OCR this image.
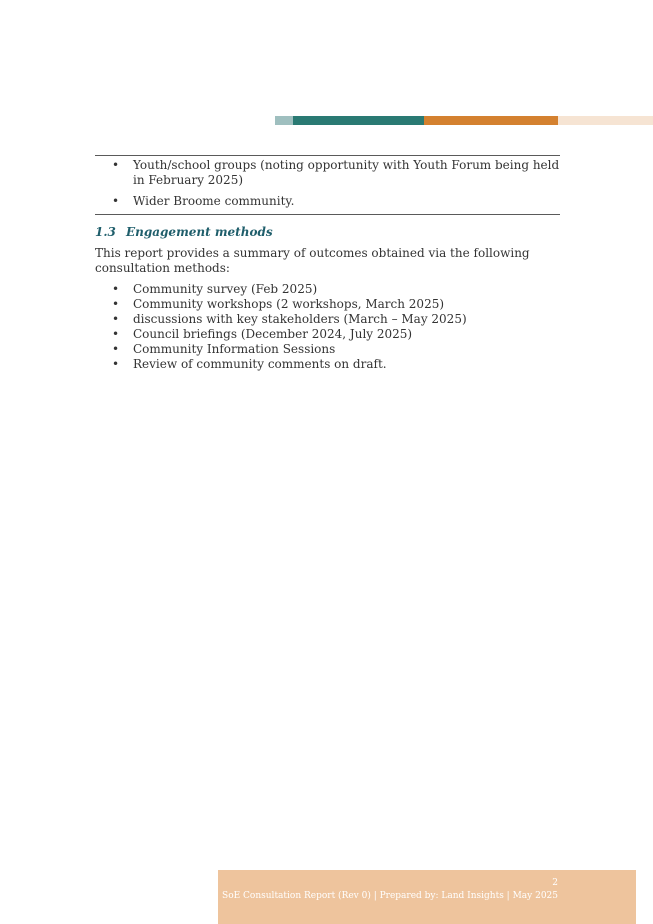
• Youth/school groups (noting opportunity with Youth Forum being held in February 2025)
• Wider Broome community.
1.3 Engagement methods

This report provides a summary of outcomes obtained via the following consultation methods:

• Community survey (Feb 2025)
• Community workshops (2 workshops, March 2025)
• discussions with key stakeholders (March – May 2025)
• Council briefings (December 2024, July 2025)
• Community Information Sessions
• Review of community comments on draft.
2
SoE Consultation Report (Rev 0) | Prepared by: Land Insights | May 2025
